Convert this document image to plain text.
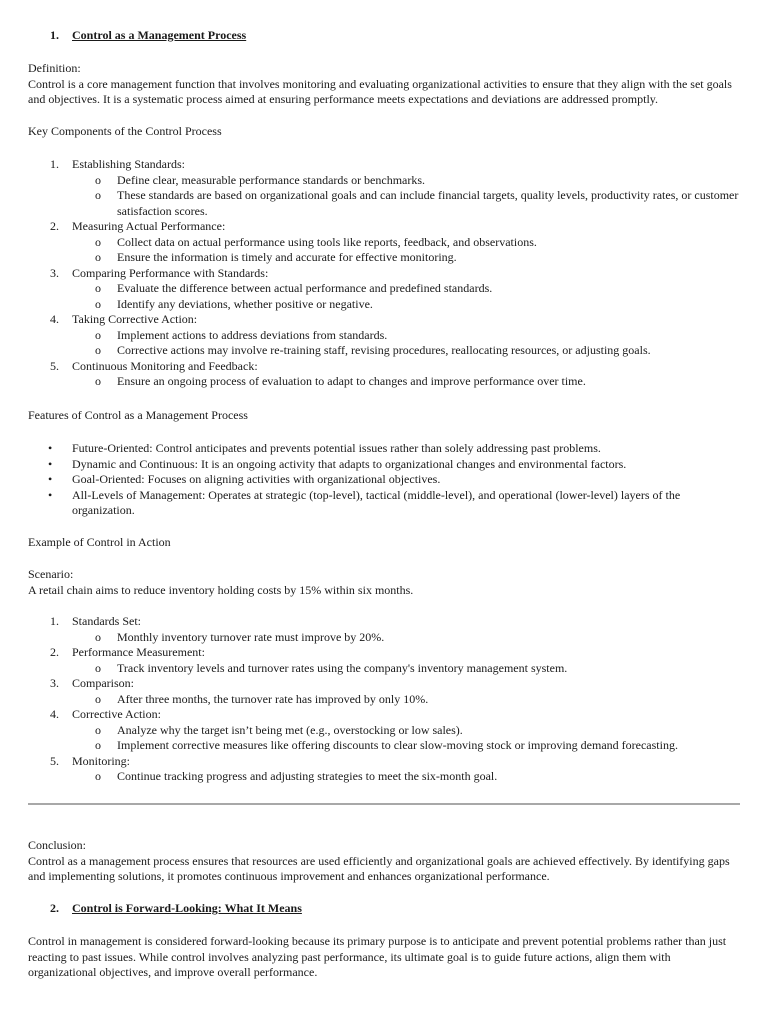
1. Control as a Management Process

Definition:

Control is a core management function that involves monitoring and evaluating organizational activities to ensure that they align with the set goals and objectives. It is a systematic process aimed at ensuring performance meets expectations and deviations are addressed promptly.

Key Components of the Control Process
1. Establishing Standards:
o Define clear, measurable performance standards or benchmarks.
o These standards are based on organizational goals and can include financial targets, quality levels, productivity rates, or customer satisfaction scores.
2. Measuring Actual Performance:
o Collect data on actual performance using tools like reports, feedback, and observations.
o Ensure the information is timely and accurate for effective monitoring.
3. Comparing Performance with Standards:
o Evaluate the difference between actual performance and predefined standards.
o Identify any deviations, whether positive or negative.
4. Taking Corrective Action:
o Implement actions to address deviations from standards.
o Corrective actions may involve re-training staff, revising procedures, reallocating resources, or adjusting goals.
5. Continuous Monitoring and Feedback:
o Ensure an ongoing process of evaluation to adapt to changes and improve performance over time.
Features of Control as a Management Process
• Future-Oriented: Control anticipates and prevents potential issues rather than solely addressing past problems.
• Dynamic and Continuous: It is an ongoing activity that adapts to organizational changes and environmental factors.
• Goal-Oriented: Focuses on aligning activities with organizational objectives.
• All-Levels of Management: Operates at strategic (top-level), tactical (middle-level), and operational (lower-level) layers of the organization.
Example of Control in Action

Scenario:

A retail chain aims to reduce inventory holding costs by 15% within six months.

1. Standards Set:
o Monthly inventory turnover rate must improve by 20%.
2. Performance Measurement:
o Track inventory levels and turnover rates using the company's inventory management system.
3. Comparison:
o After three months, the turnover rate has improved by only 10%.
4. Corrective Action:
o Analyze why the target isn’t being met (e.g., overstocking or low sales).
o Implement corrective measures like offering discounts to clear slow-moving stock or improving demand forecasting.
5. Monitoring:
o Continue tracking progress and adjusting strategies to meet the six-month goal.

Conclusion:

Control as a management process ensures that resources are used efficiently and organizational goals are achieved effectively. By identifying gaps and implementing solutions, it promotes continuous improvement and enhances organizational performance.

2. Control is Forward-Looking: What It Means
Control in management is considered forward-looking because its primary purpose is to anticipate and prevent potential problems rather than just reacting to past issues. While control involves analyzing past performance, its ultimate goal is to guide future actions, align them with organizational objectives, and improve overall performance.
